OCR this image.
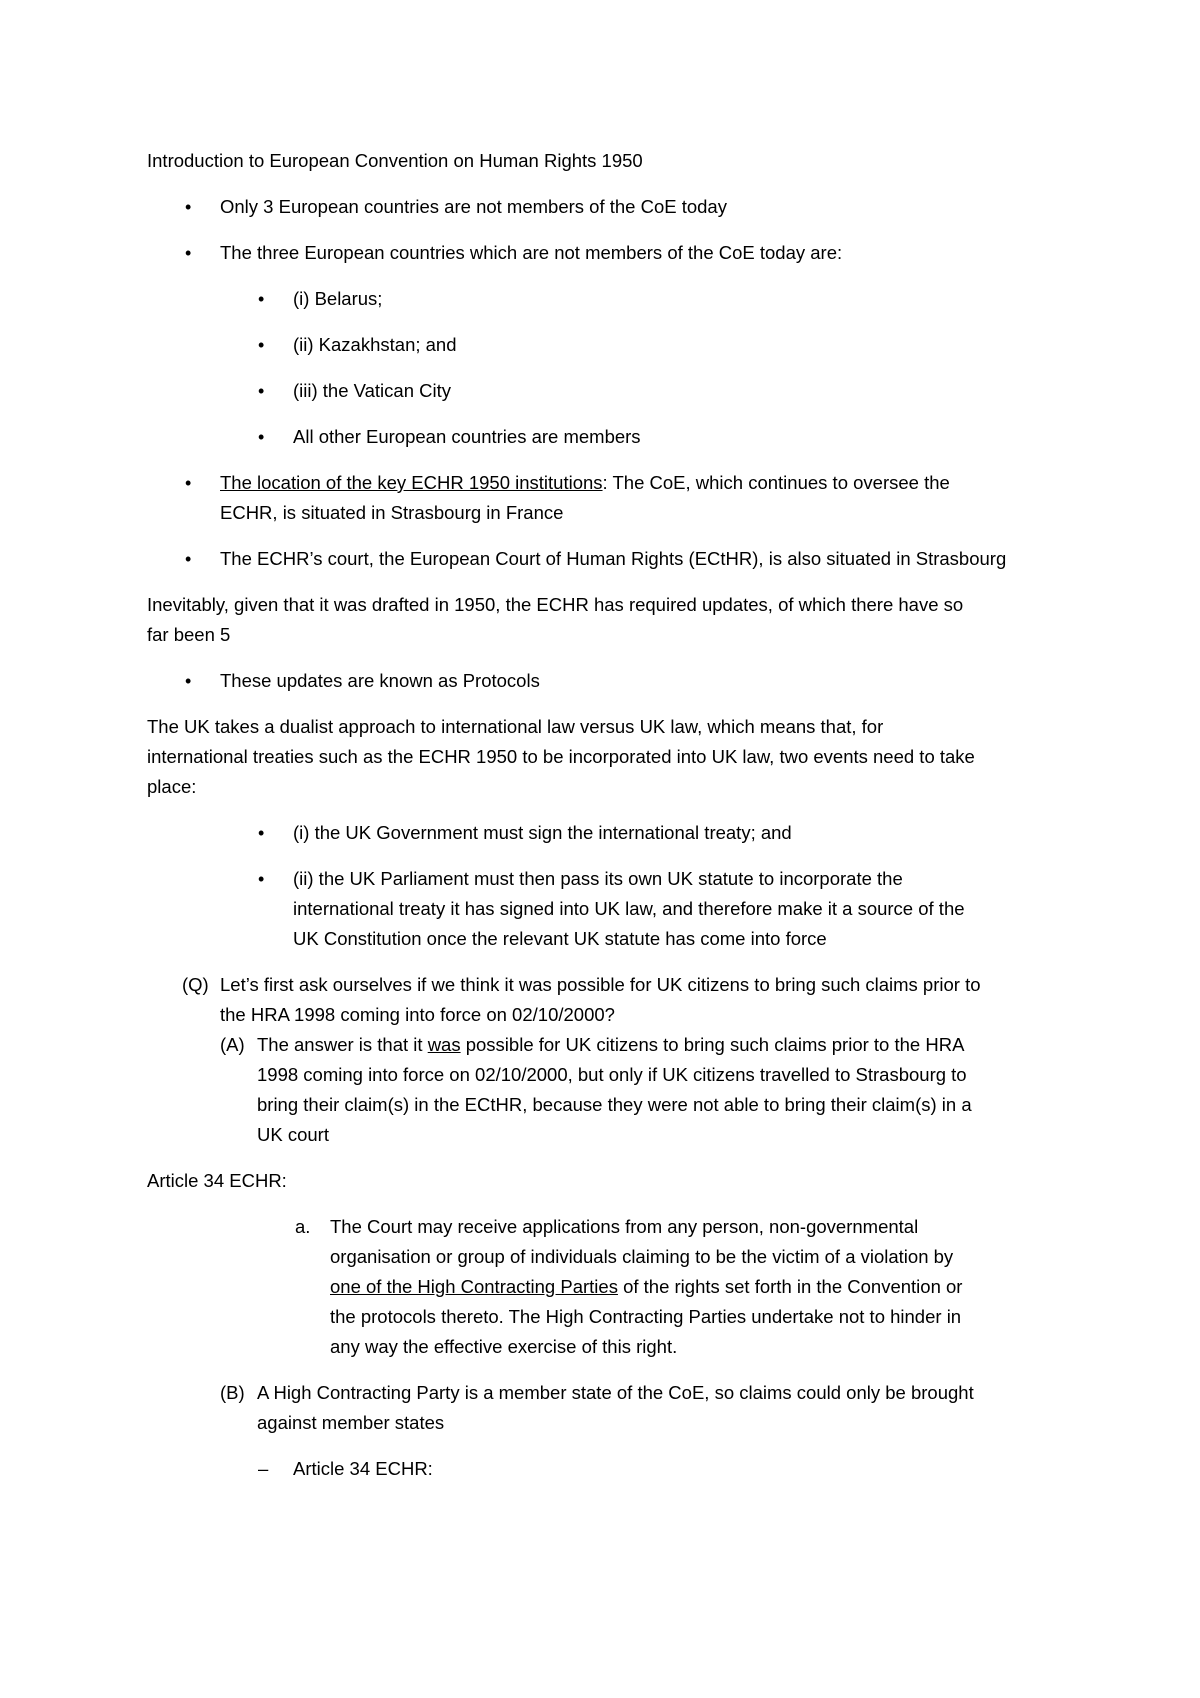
Introduction to European Convention on Human Rights 1950

• Only 3 European countries are not members of the CoE today

• The three European countries which are not members of the CoE today are:

• (i) Belarus;

• (ii) Kazakhstan; and

• (iii) the Vatican City

• All other European countries are members

• The location of the key ECHR 1950 institutions: The CoE, which continues to oversee the

ECHR, is situated in Strasbourg in France

• The ECHR’s court, the European Court of Human Rights (ECtHR), is also situated in Strasbourg

Inevitably, given that it was drafted in 1950, the ECHR has required updates, of which there have so

far been 5

• These updates are known as Protocols

The UK takes a dualist approach to international law versus UK law, which means that, for

international treaties such as the ECHR 1950 to be incorporated into UK law, two events need to take

place:

• (i) the UK Government must sign the international treaty; and

• (ii) the UK Parliament must then pass its own UK statute to incorporate the

international treaty it has signed into UK law, and therefore make it a source of the

UK Constitution once the relevant UK statute has come into force

(Q) Let’s first ask ourselves if we think it was possible for UK citizens to bring such claims prior to

the HRA 1998 coming into force on 02/10/2000?

(A) The answer is that it was possible for UK citizens to bring such claims prior to the HRA

1998 coming into force on 02/10/2000, but only if UK citizens travelled to Strasbourg to

bring their claim(s) in the ECtHR, because they were not able to bring their claim(s) in a

UK court

Article 34 ECHR:

a. The Court may receive applications from any person, non-governmental

organisation or group of individuals claiming to be the victim of a violation by

one of the High Contracting Parties of the rights set forth in the Convention or

the protocols thereto. The High Contracting Parties undertake not to hinder in

any way the effective exercise of this right.

(B) A High Contracting Party is a member state of the CoE, so claims could only be brought

against member states

– Article 34 ECHR:
